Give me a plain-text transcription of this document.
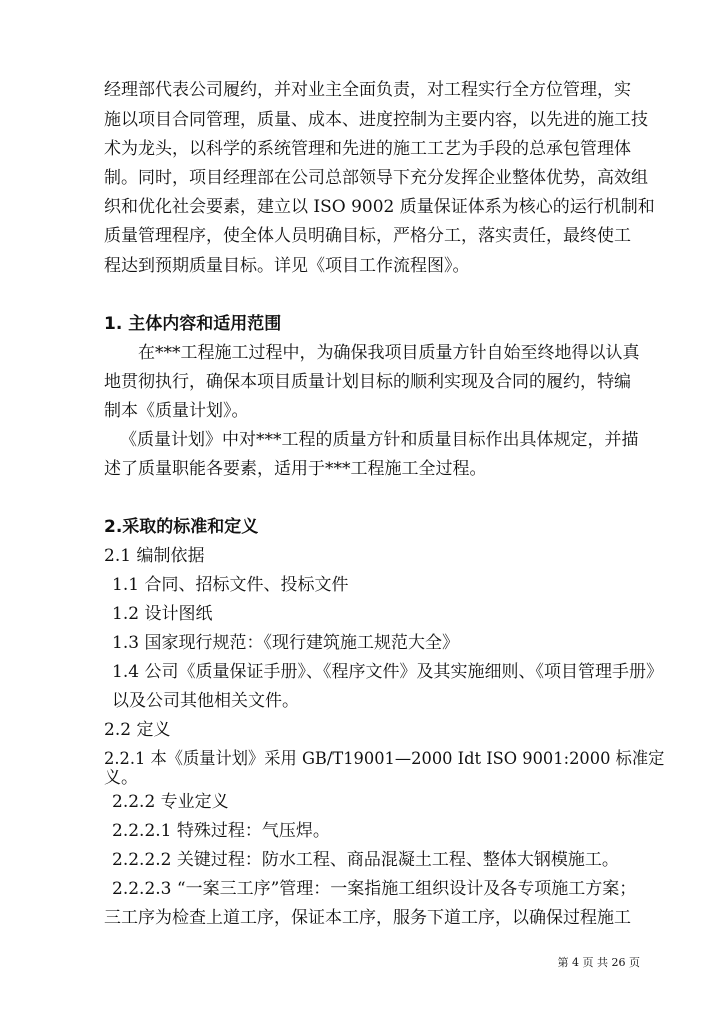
经理部代表公司履约，并对业主全面负责，对工程实行全方位管理，实
施以项目合同管理，质量、成本、进度控制为主要内容，以先进的施工技
术为龙头，以科学的系统管理和先进的施工工艺为手段的总承包管理体
制。同时，项目经理部在公司总部领导下充分发挥企业整体优势，高效组
织和优化社会要素，建立以 ISO 9002 质量保证体系为核心的运行机制和
质量管理程序，使全体人员明确目标，严格分工，落实责任，最终使工
程达到预期质量目标。详见《项目工作流程图》。
1. 主体内容和适用范围
在***工程施工过程中，为确保我项目质量方针自始至终地得以认真
地贯彻执行，确保本项目质量计划目标的顺利实现及合同的履约，特编
制本《质量计划》。
《质量计划》中对***工程的质量方针和质量目标作出具体规定，并描
述了质量职能各要素，适用于***工程施工全过程。
2.采取的标准和定义
2.1 编制依据
1.1 合同、招标文件、投标文件
1.2 设计图纸
1.3 国家现行规范：《现行建筑施工规范大全》
1.4 公司《质量保证手册》、《程序文件》及其实施细则、《项目管理手册》
以及公司其他相关文件。
2.2 定义
2.2.1 本《质量计划》采用 GB/T19001—2000 Idt ISO 9001:2000 标准定
义。
2.2.2 专业定义
2.2.2.1 特殊过程：气压焊。
2.2.2.2 关键过程：防水工程、商品混凝土工程、整体大钢模施工。
2.2.2.3 “一案三工序”管理：一案指施工组织设计及各专项施工方案；
三工序为检查上道工序，保证本工序，服务下道工序，以确保过程施工
第 4 页 共 26 页
